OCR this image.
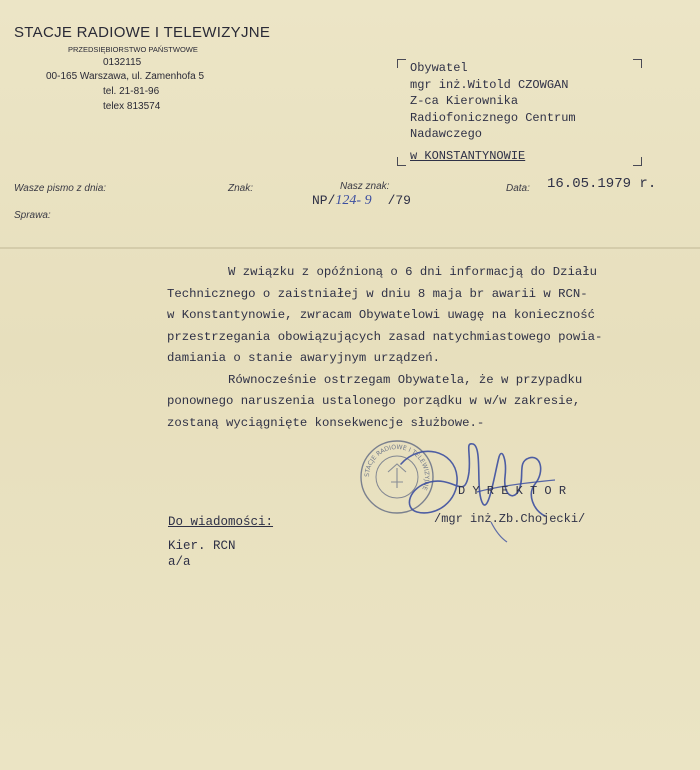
STACJE RADIOWE I TELEWIZYJNE
PRZEDSIĘBIORSTWO PAŃSTWOWE
0132115
00-165 Warszawa, ul. Zamenhofa 5
tel. 21-81-96
telex 813574
Obywatel
mgr inż.Witold CZOWGAN
Z-ca Kierownika
Radiofonicznego Centrum
Nadawczego
w KONSTANTYNOWIE
Wasze pismo z dnia:	Znak:	Nasz znak:	Data:
Sprawa:
NP/124- 9 /79
16.05.1979 r.
W związku z opóźnioną o 6 dni informacją do Działu
Technicznego o zaistniałej w dniu 8 maja br awarii w RCN-
w Konstantynowie, zwracam Obywatelowi uwagę na konieczność
przestrzegania obowiązujących zasad natychmiastowego powia-
damiania o stanie awaryjnym urządzeń.
Równocześnie ostrzegam Obywatela, że w przypadku
ponownego naruszenia ustalonego porządku w w/w zakresie,
zostaną wyciągnięte konsekwencje służbowe.-
STACJE RADIOWE I TELEWIZYJNE D Y R E K T O R
/mgr inż.Zb.Chojecki/
Do wiadomości:
Kier. RCN
a/a
